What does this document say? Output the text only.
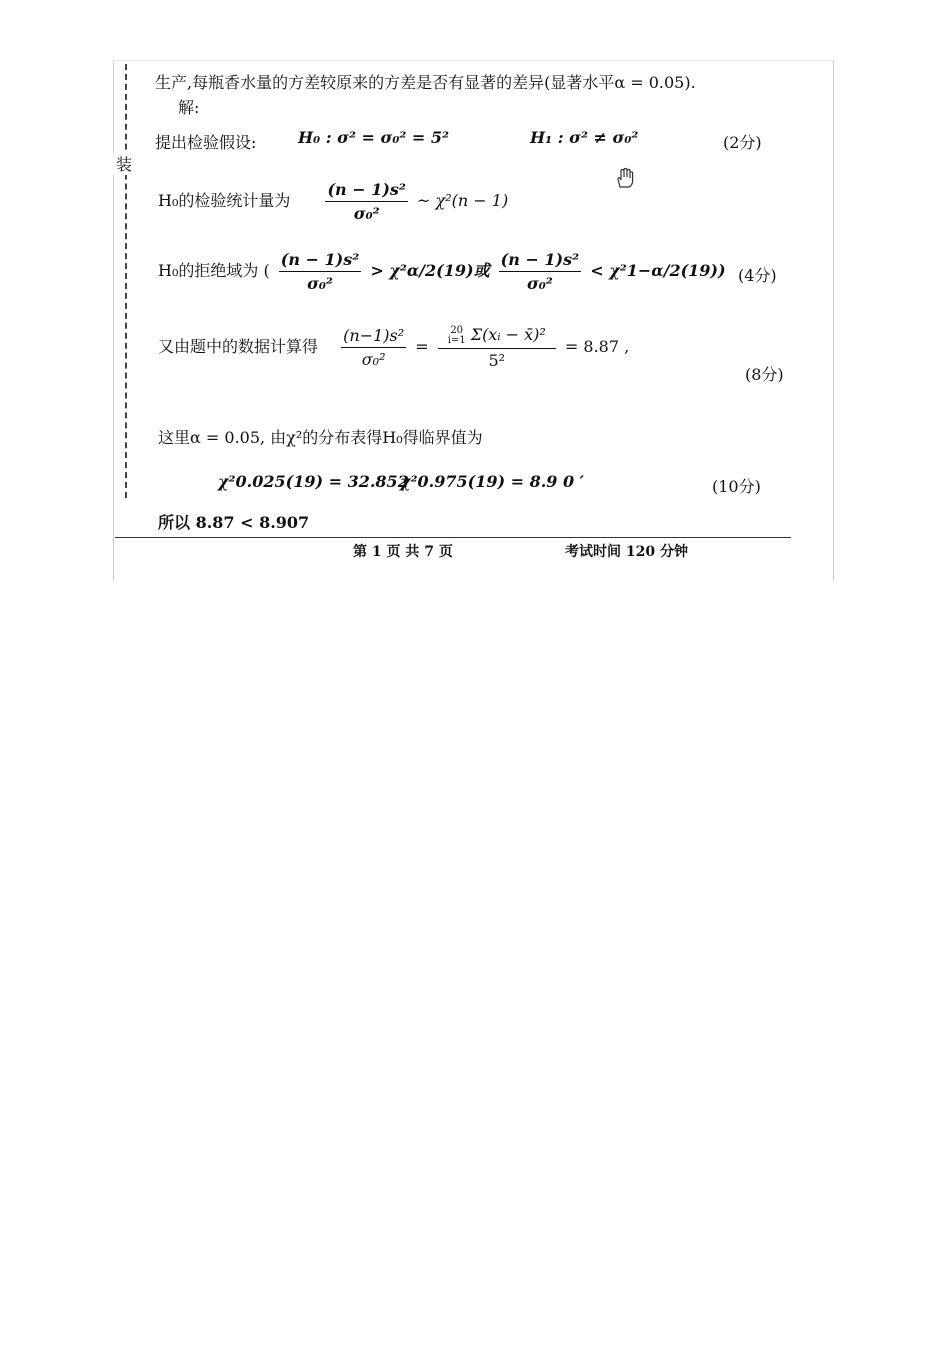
装
生产,每瓶香水量的方差较原来的方差是否有显著的差异(显著水平α = 0.05).
解:
提出检验假设:	H₀ : σ² = σ₀² = 5²	H₁ : σ² ≠ σ₀²	(2分)
H₀的检验统计量为 $\frac{\text{(n − 1)s²}}{\text{σ₀²}}$ ~ χ²(n − 1)
H₀的拒绝域为 ( $\frac{\text{(n − 1)s²}}{\text{σ₀²}} > \chi^2\alpha/2(19)$或 $\frac{\text{(n − 1)s²}}{\text{σ₀²}} < \chi^21-\alpha/2(19)$) (4分)
又由题中的数据计算得 $\frac{\text{(n−1)s²}}{\text{σ₀²}} = 20$
i=1 Σ(xᵢ − x̄)²
5² = 8.87 ,
(8分)
这里α = 0.05, 由χ²的分布表得H₀得临界值为
χ²0.025(19) = 32.852
χ²0.975(19) = 8.9 0 ′	(10分)
所以 8.87 < 8.907
第 1 页 共 7 页	考试时间 120 分钟
